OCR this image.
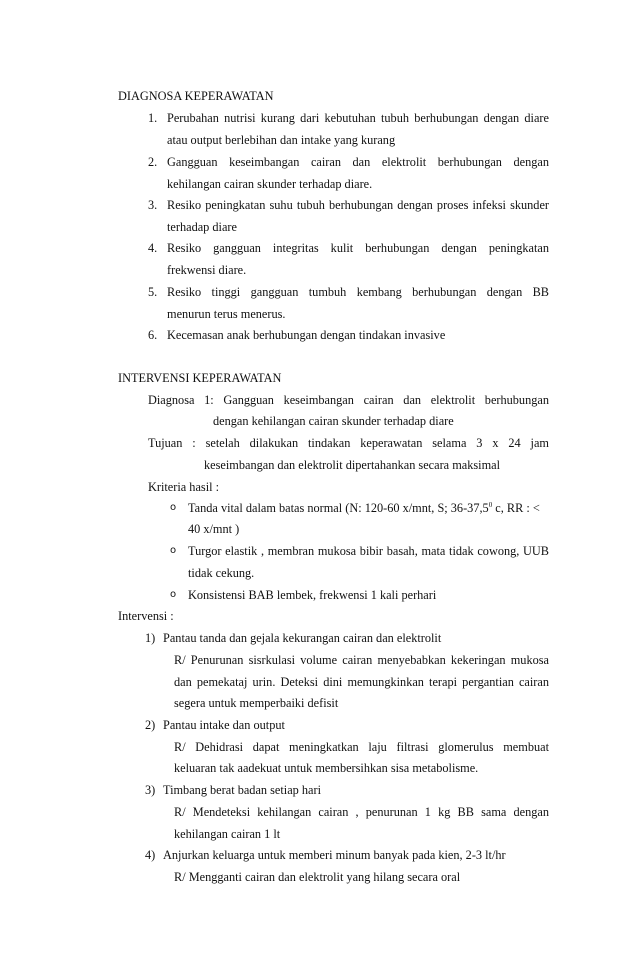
DIAGNOSA KEPERAWATAN
1. Perubahan nutrisi kurang dari kebutuhan tubuh berhubungan dengan diare
atau output berlebihan dan intake yang kurang
2. Gangguan keseimbangan cairan dan elektrolit berhubungan dengan
kehilangan cairan skunder terhadap diare.
3. Resiko peningkatan suhu tubuh berhubungan dengan proses infeksi skunder
terhadap diare
4. Resiko gangguan integritas kulit berhubungan dengan peningkatan
frekwensi diare.
5. Resiko tinggi gangguan tumbuh kembang berhubungan dengan BB
menurun terus menerus.
6. Kecemasan anak berhubungan dengan tindakan invasive
INTERVENSI KEPERAWATAN
Diagnosa 1: Gangguan keseimbangan cairan dan elektrolit berhubungan
dengan kehilangan cairan skunder terhadap diare
Tujuan : setelah dilakukan tindakan keperawatan selama 3 x 24 jam
keseimbangan dan elektrolit dipertahankan secara maksimal
Kriteria hasil :
o Tanda vital dalam batas normal (N: 120-60 x/mnt, S; 36-37,5$^0$ c, RR : <
40 x/mnt )
o Turgor elastik , membran mukosa bibir basah, mata tidak cowong, UUB
tidak cekung.
o Konsistensi BAB lembek, frekwensi 1 kali perhari
Intervensi :
1) Pantau tanda dan gejala kekurangan cairan dan elektrolit
R/ Penurunan sisrkulasi volume cairan menyebabkan kekeringan mukosa
dan pemekataj urin. Deteksi dini memungkinkan terapi pergantian cairan
segera untuk memperbaiki defisit
2) Pantau intake dan output
R/ Dehidrasi dapat meningkatkan laju filtrasi glomerulus membuat
keluaran tak aadekuat untuk membersihkan sisa metabolisme.
3) Timbang berat badan setiap hari
R/ Mendeteksi kehilangan cairan , penurunan 1 kg BB sama dengan
kehilangan cairan 1 lt
4) Anjurkan keluarga untuk memberi minum banyak pada kien, 2-3 lt/hr
R/ Mengganti cairan dan elektrolit yang hilang secara oral
